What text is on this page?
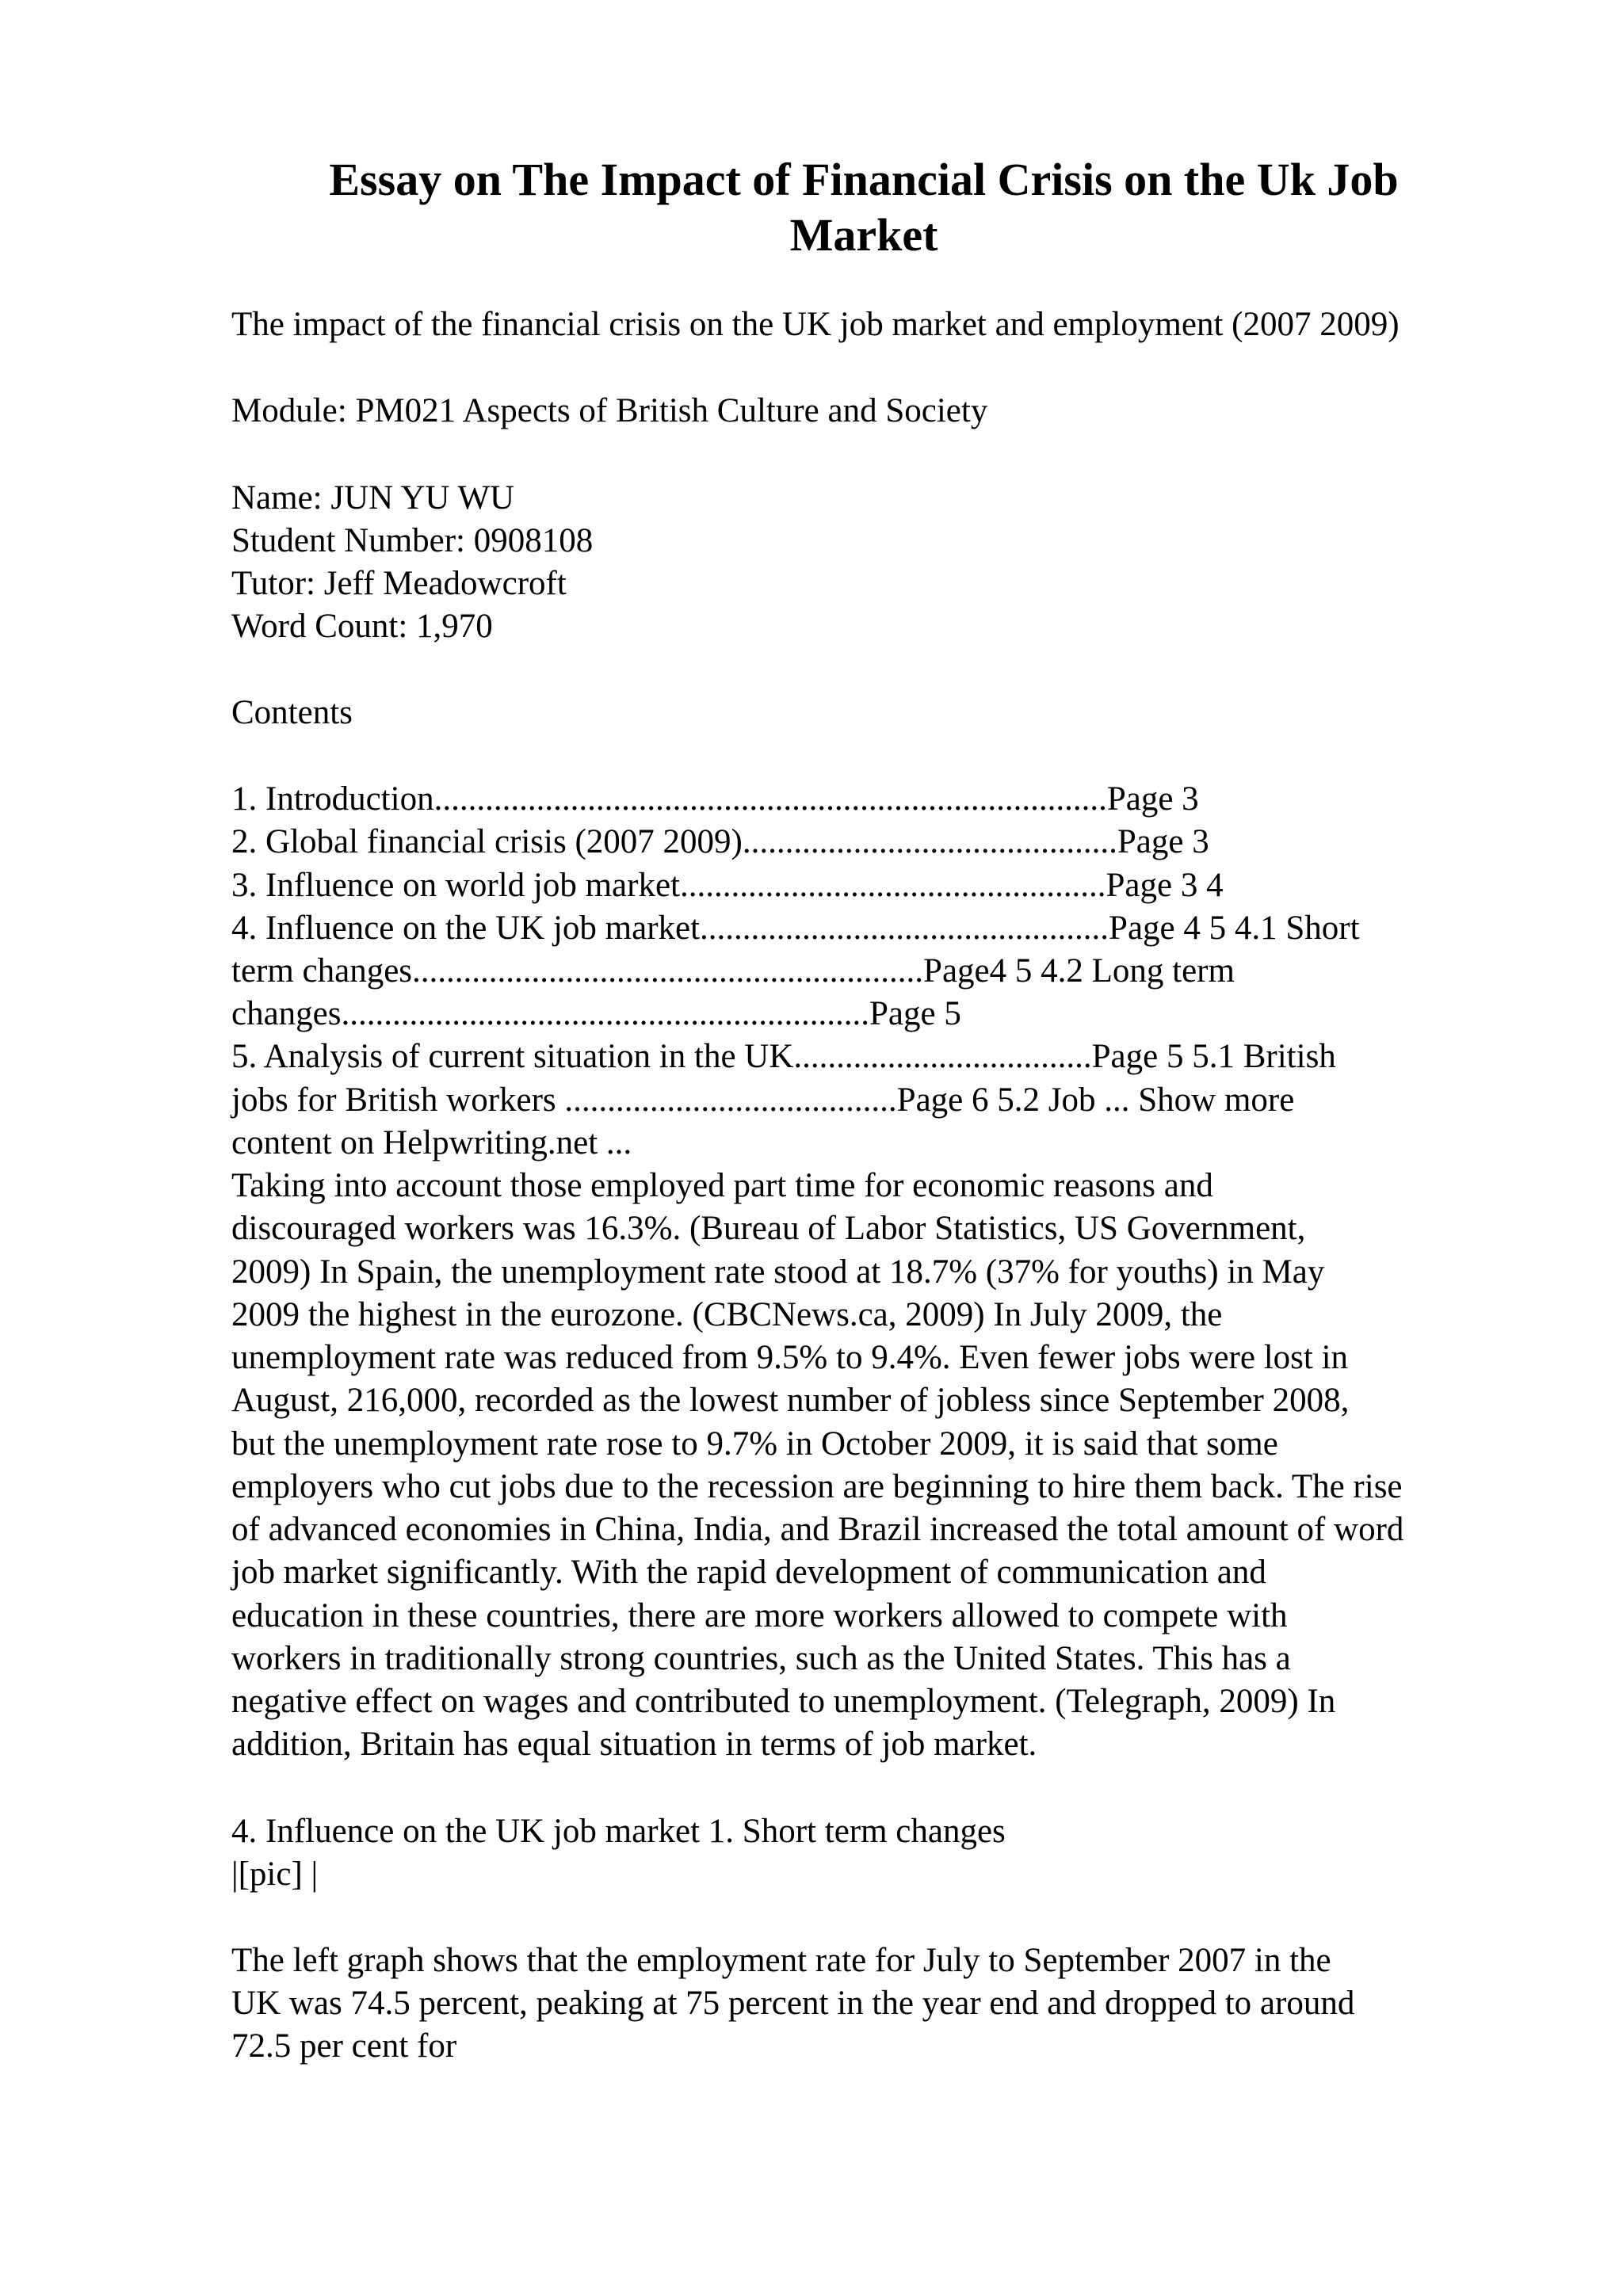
Essay on The Impact of Financial Crisis on the Uk Job
Market

The impact of the financial crisis on the UK job market and employment (2007 2009)

Module: PM021 Aspects of British Culture and Society

Name: JUN YU WU

Student Number: 0908108

Tutor: Jeff Meadowcroft

Word Count: 1,970

Contents

1. Introduction...............................................................................Page 3

2. Global financial crisis (2007 2009)............................................Page 3

3. Influence on world job market..................................................Page 3 4

4. Influence on the UK job market................................................Page 4 5 4.1 Short

term changes............................................................Page4 5 4.2 Long term

changes..............................................................Page 5

5. Analysis of current situation in the UK...................................Page 5 5.1 British

jobs for British workers .......................................Page 6 5.2 Job ... Show more

content on Helpwriting.net ...

Taking into account those employed part time for economic reasons and

discouraged workers was 16.3%. (Bureau of Labor Statistics, US Government,

2009) In Spain, the unemployment rate stood at 18.7% (37% for youths) in May

2009 the highest in the eurozone. (CBCNews.ca, 2009) In July 2009, the

unemployment rate was reduced from 9.5% to 9.4%. Even fewer jobs were lost in

August, 216,000, recorded as the lowest number of jobless since September 2008,

but the unemployment rate rose to 9.7% in October 2009, it is said that some

employers who cut jobs due to the recession are beginning to hire them back. The rise

of advanced economies in China, India, and Brazil increased the total amount of word

job market significantly. With the rapid development of communication and

education in these countries, there are more workers allowed to compete with

workers in traditionally strong countries, such as the United States. This has a

negative effect on wages and contributed to unemployment. (Telegraph, 2009) In

addition, Britain has equal situation in terms of job market.

4. Influence on the UK job market 1. Short term changes

|[pic] |

The left graph shows that the employment rate for July to September 2007 in the

UK was 74.5 percent, peaking at 75 percent in the year end and dropped to around

72.5 per cent for
